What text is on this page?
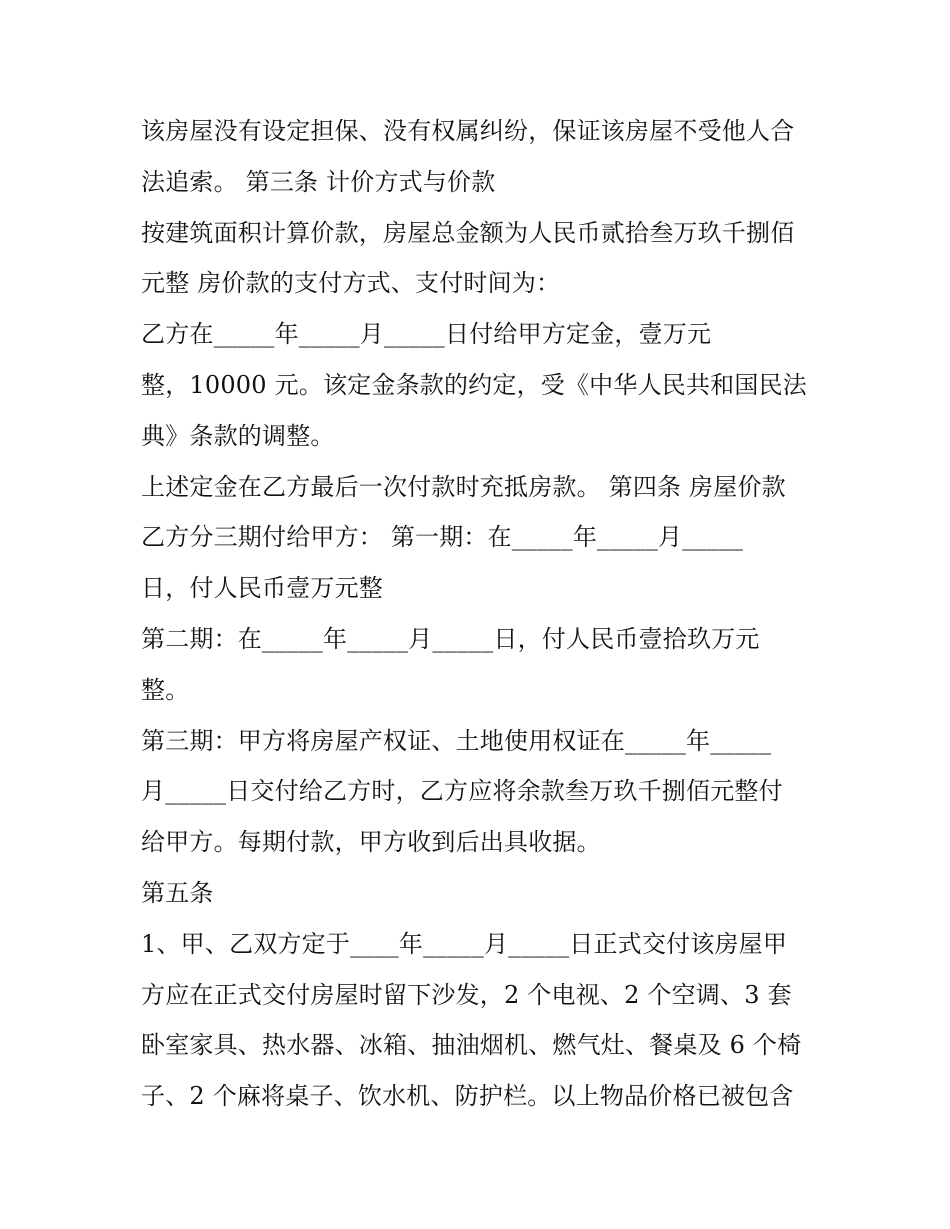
该房屋没有设定担保、没有权属纠纷，保证该房屋不受他人合
法追索。 第三条 计价方式与价款
按建筑面积计算价款，房屋总金额为人民币贰拾叁万玖千捌佰
元整 房价款的支付方式、支付时间为：
乙方在_____年_____月_____日付给甲方定金，壹万元
整，10000 元。该定金条款的约定，受《中华人民共和国民法
典》条款的调整。
上述定金在乙方最后一次付款时充抵房款。 第四条 房屋价款
乙方分三期付给甲方： 第一期：在_____年_____月_____
日，付人民币壹万元整
第二期：在_____年_____月_____日，付人民币壹拾玖万元
整。
第三期：甲方将房屋产权证、土地使用权证在_____年_____
月_____日交付给乙方时，乙方应将余款叁万玖千捌佰元整付
给甲方。每期付款，甲方收到后出具收据。
第五条
1、甲、乙双方定于____年_____月_____日正式交付该房屋甲
方应在正式交付房屋时留下沙发，2 个电视、2 个空调、3 套
卧室家具、热水器、冰箱、抽油烟机、燃气灶、餐桌及 6 个椅
子、2 个麻将桌子、饮水机、防护栏。以上物品价格已被包含
